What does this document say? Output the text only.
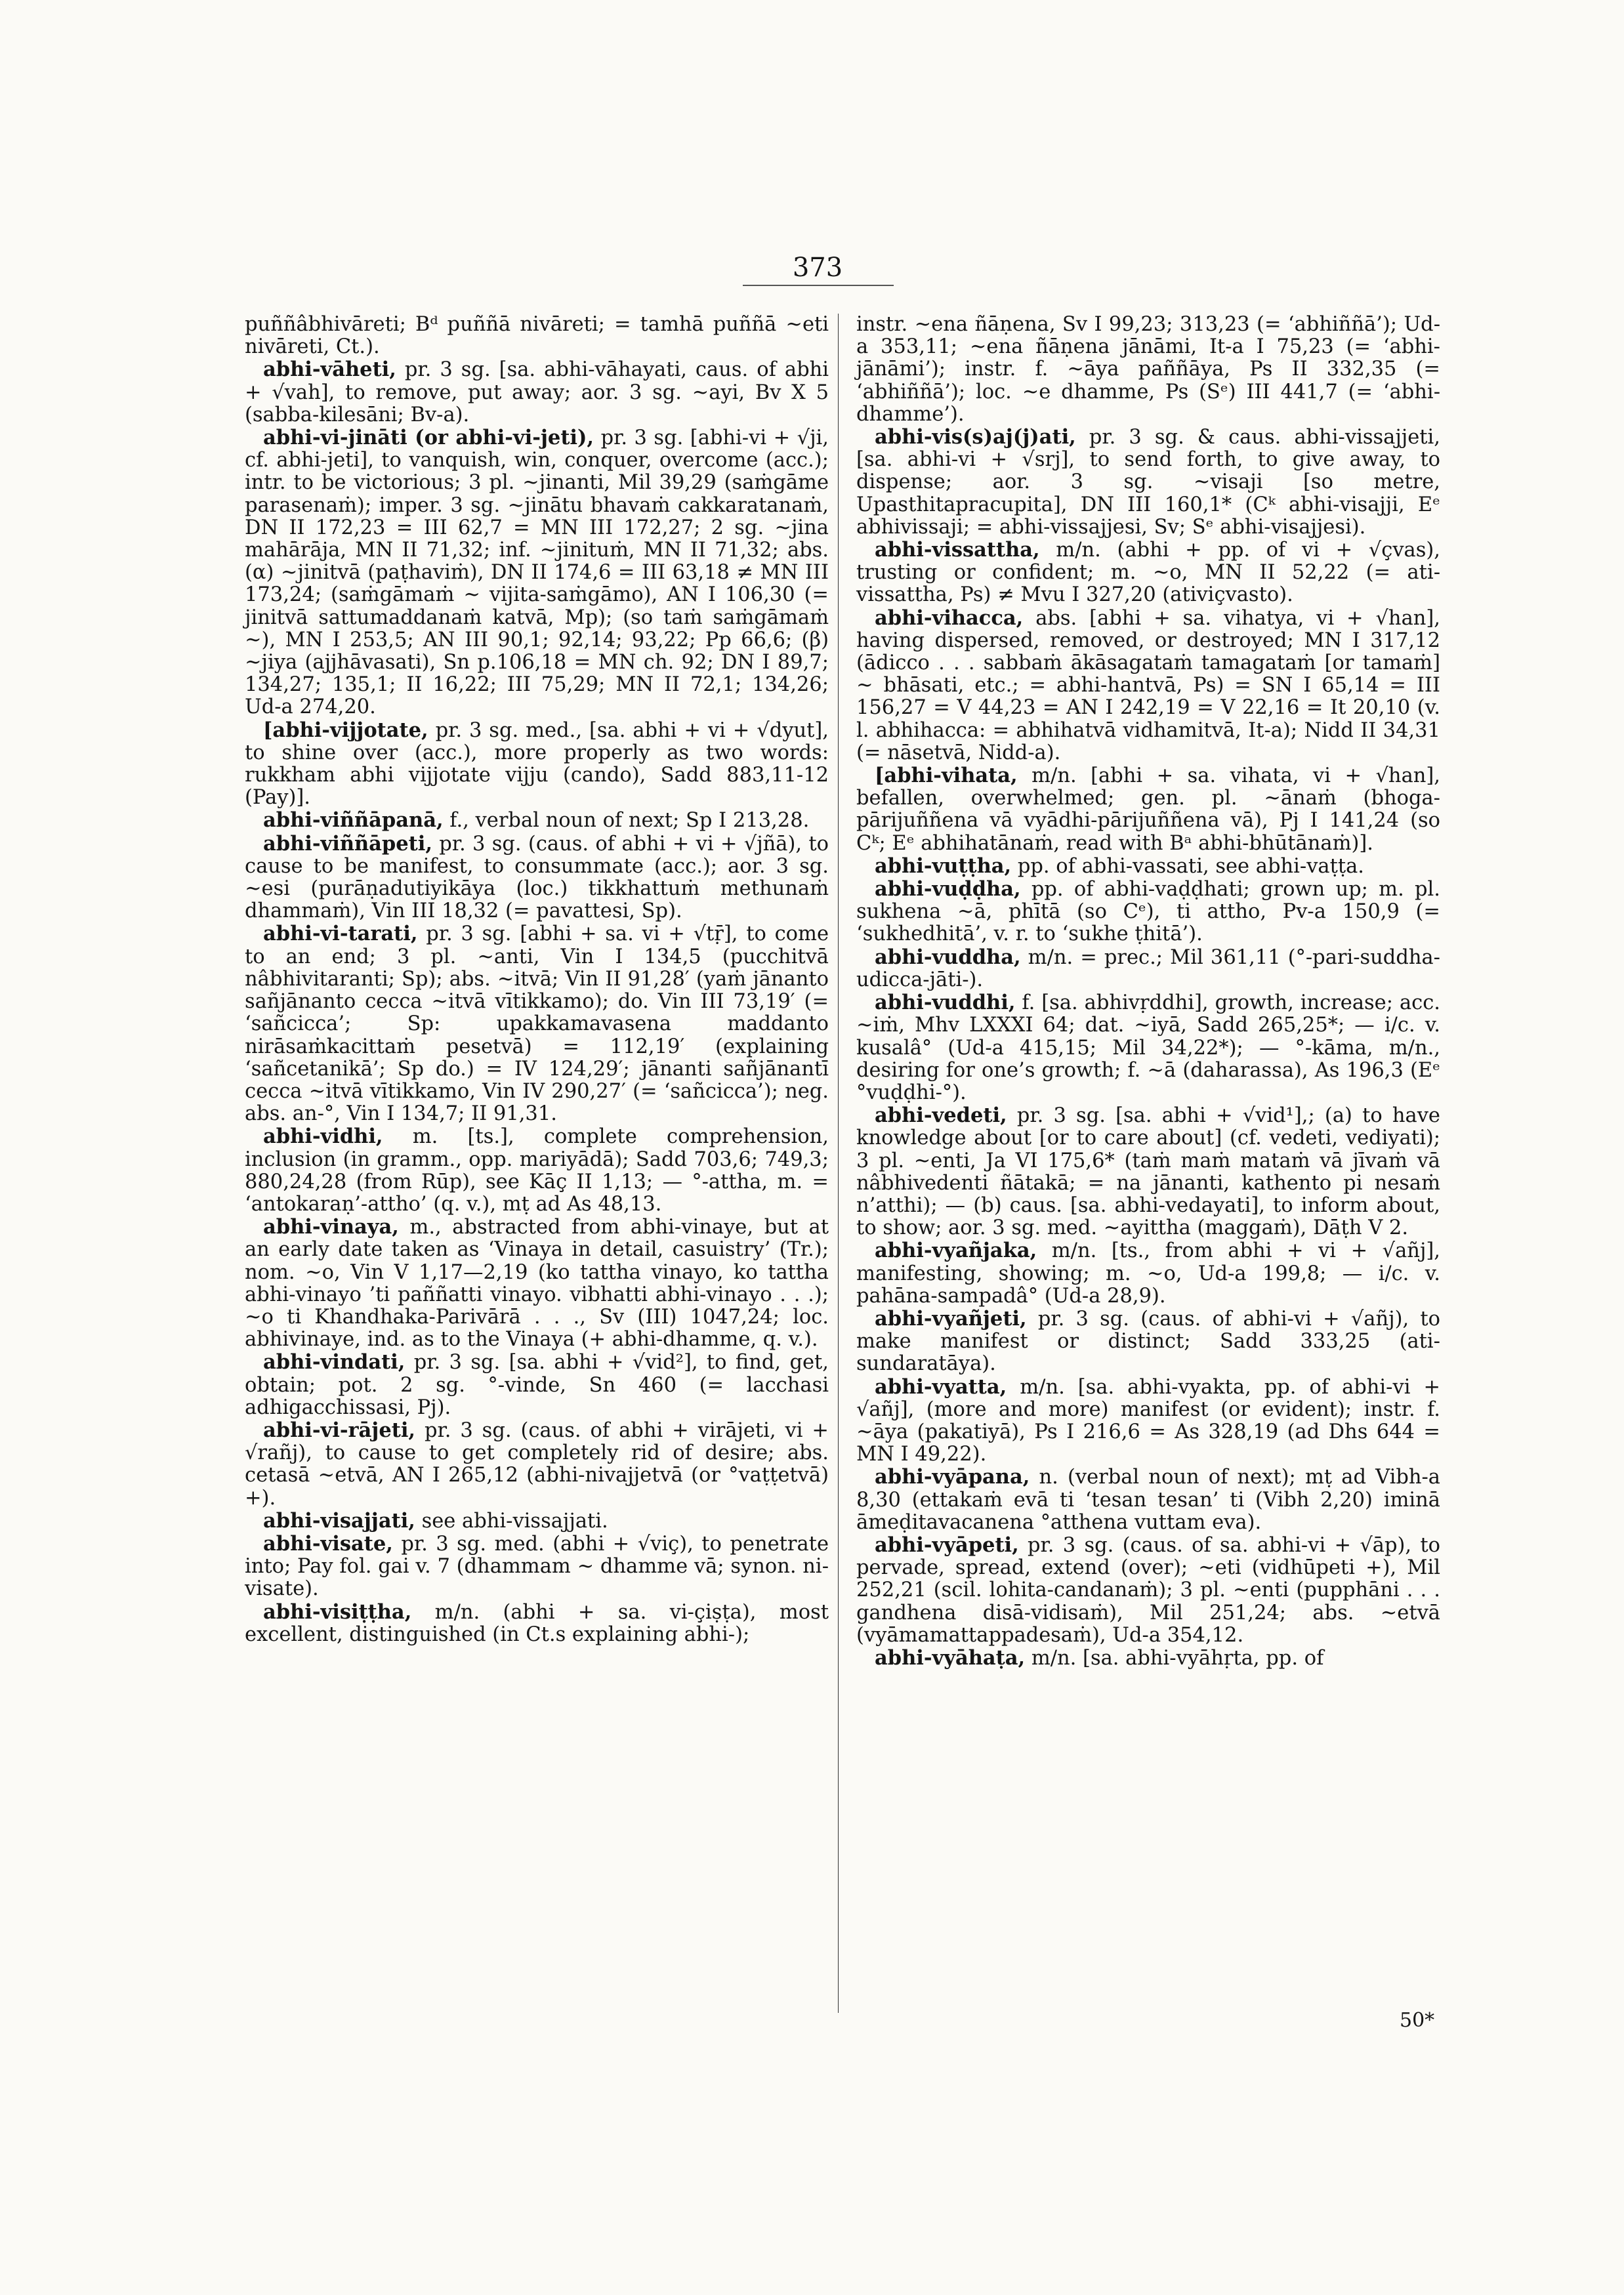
373

puññâbhivāreti; Bᵈ puññā nivāreti; = tamhā puññā ~eti nivāreti, Ct.).

abhi-vāheti, pr. 3 sg. [sa. abhi-vāhayati, caus. of abhi + √vah], to remove, put away; aor. 3 sg. ~ayi, Bv X 5 (sabba-kilesāni; Bv-a).

abhi-vi-jināti (or abhi-vi-jeti), pr. 3 sg. [abhi-vi + √ji, cf. abhi-jeti], to vanquish, win, conquer, overcome (acc.); intr. to be victorious; 3 pl. ~jinanti, Mil 39,29 (saṁgāme parasenaṁ); imper. 3 sg. ~jinātu bhavaṁ cakkaratanaṁ, DN II 172,23 = III 62,7 = MN III 172,27; 2 sg. ~jina mahārāja, MN II 71,32; inf. ~jinituṁ, MN II 71,32; abs. (α) ~jinitvā (paṭhaviṁ), DN II 174,6 = III 63,18 ≠ MN III 173,24; (saṁgāmaṁ ~ vijita-saṁgāmo), AN I 106,30 (= jinitvā sattumaddanaṁ katvā, Mp); (so taṁ saṁgāmaṁ ~), MN I 253,5; AN III 90,1; 92,14; 93,22; Pp 66,6; (β) ~jiya (ajjhāvasati), Sn p.106,18 = MN ch. 92; DN I 89,7; 134,27; 135,1; II 16,22; III 75,29; MN II 72,1; 134,26; Ud-a 274,20.

[abhi-vijjotate, pr. 3 sg. med., [sa. abhi + vi + √dyut], to shine over (acc.), more properly as two words: rukkham abhi vijjotate vijju (cando), Sadd 883,11-12 (Pay)].

abhi-viññāpanā, f., verbal noun of next; Sp I 213,28.

abhi-viññāpeti, pr. 3 sg. (caus. of abhi + vi + √jñā), to cause to be manifest, to consummate (acc.); aor. 3 sg. ~esi (purāṇadutiyikāya (loc.) tikkhattuṁ methunaṁ dhammaṁ), Vin III 18,32 (= pavattesi, Sp).

abhi-vi-tarati, pr. 3 sg. [abhi + sa. vi + √tṝ], to come to an end; 3 pl. ~anti, Vin I 134,5 (pucchitvā nâbhivitaranti; Sp); abs. ~itvā; Vin II 91,28′ (yaṁ jānanto sañjānanto cecca ~itvā vītikkamo); do. Vin III 73,19′ (= ‘sañcicca’; Sp: upakkamavasena maddanto nirāsaṁkacittaṁ pesetvā) = 112,19′ (explaining ‘sañcetanikā’; Sp do.) = IV 124,29′; jānanti sañjānantī cecca ~itvā vītikkamo, Vin IV 290,27′ (= ‘sañcicca’); neg. abs. an-°, Vin I 134,7; II 91,31.

abhi-vidhi, m. [ts.], complete comprehension, inclusion (in gramm., opp. mariyādā); Sadd 703,6; 749,3; 880,24,28 (from Rūp), see Kāç II 1,13; — °-attha, m. = ‘antokaraṇ’-attho’ (q. v.), mṭ ad As 48,13.

abhi-vinaya, m., abstracted from abhi-vinaye, but at an early date taken as ‘Vinaya in detail, casuistry’ (Tr.); nom. ~o, Vin V 1,17—2,19 (ko tattha vinayo, ko tattha abhi-vinayo ’ti paññatti vinayo. vibhatti abhi-vinayo . . .); ~o ti Khandhaka-Parivārā . . ., Sv (III) 1047,24; loc. abhivinaye, ind. as to the Vinaya (+ abhi-dhamme, q. v.).

abhi-vindati, pr. 3 sg. [sa. abhi + √vid²], to find, get, obtain; pot. 2 sg. °-vinde, Sn 460 (= lacchasi adhigacchissasi, Pj).

abhi-vi-rājeti, pr. 3 sg. (caus. of abhi + virājeti, vi + √rañj), to cause to get completely rid of desire; abs. cetasā ~etvā, AN I 265,12 (abhi-nivajjetvā (or °vaṭṭetvā) +).

abhi-visajjati, see abhi-vissajjati.

abhi-visate, pr. 3 sg. med. (abhi + √viç), to penetrate into; Pay fol. gai v. 7 (dhammam ~ dhamme vā; synon. ni-visate).

abhi-visiṭṭha, m/n. (abhi + sa. vi-çiṣṭa), most excellent, distinguished (in Ct.s explaining abhi-);

instr. ~ena ñāṇena, Sv I 99,23; 313,23 (= ‘abhiññā’); Ud-a 353,11; ~ena ñāṇena jānāmi, It-a I 75,23 (= ‘abhi-jānāmi’); instr. f. ~āya paññāya, Ps II 332,35 (= ‘abhiññā’); loc. ~e dhamme, Ps (Sᵉ) III 441,7 (= ‘abhi-dhamme’).

abhi-vis(s)aj(j)ati, pr. 3 sg. & caus. abhi-vissajjeti, [sa. abhi-vi + √srj], to send forth, to give away, to dispense; aor. 3 sg. ~visaji [so metre, Upasthitapracupita], DN III 160,1* (Cᵏ abhi-visajji, Eᵉ abhivissaji; = abhi-vissajjesi, Sv; Sᵉ abhi-visajjesi).

abhi-vissattha, m/n. (abhi + pp. of vi + √çvas), trusting or confident; m. ~o, MN II 52,22 (= ati-vissattha, Ps) ≠ Mvu I 327,20 (ativiçvasto).

abhi-vihacca, abs. [abhi + sa. vihatya, vi + √han], having dispersed, removed, or destroyed; MN I 317,12 (ādicco . . . sabbaṁ ākāsagataṁ tamagataṁ [or tamaṁ] ~ bhāsati, etc.; = abhi-hantvā, Ps) = SN I 65,14 = III 156,27 = V 44,23 = AN I 242,19 = V 22,16 = It 20,10 (v. l. abhihacca: = abhihatvā vidhamitvā, It-a); Nidd II 34,31 (= nāsetvā, Nidd-a).

[abhi-vihata, m/n. [abhi + sa. vihata, vi + √han], befallen, overwhelmed; gen. pl. ~ānaṁ (bhoga-pārijuññena vā vyādhi-pārijuññena vā), Pj I 141,24 (so Cᵏ; Eᵉ abhihatānaṁ, read with Bᵃ abhi-bhūtānaṁ)].

abhi-vuṭṭha, pp. of abhi-vassati, see abhi-vaṭṭa.

abhi-vuḍḍha, pp. of abhi-vaḍḍhati; grown up; m. pl. sukhena ~ā, phītā (so Cᵉ), ti attho, Pv-a 150,9 (= ‘sukhedhitā’, v. r. to ‘sukhe ṭhitā’).

abhi-vuddha, m/n. = prec.; Mil 361,11 (°-pari-suddha-udicca-jāti-).

abhi-vuddhi, f. [sa. abhivṛddhi], growth, increase; acc. ~iṁ, Mhv LXXXI 64; dat. ~iyā, Sadd 265,25*; — i/c. v. kusalâ° (Ud-a 415,15; Mil 34,22*); — °-kāma, m/n., desiring for one’s growth; f. ~ā (daharassa), As 196,3 (Eᵉ °vuḍḍhi-°).

abhi-vedeti, pr. 3 sg. [sa. abhi + √vid¹],; (a) to have knowledge about [or to care about] (cf. vedeti, vediyati); 3 pl. ~enti, Ja VI 175,6* (taṁ maṁ mataṁ vā jīvaṁ vā nâbhivedenti ñātakā; = na jānanti, kathento pi nesaṁ n’atthi); — (b) caus. [sa. abhi-vedayati], to inform about, to show; aor. 3 sg. med. ~ayittha (maggaṁ), Dāṭh V 2.

abhi-vyañjaka, m/n. [ts., from abhi + vi + √añj], manifesting, showing; m. ~o, Ud-a 199,8; — i/c. v. pahāna-sampadâ° (Ud-a 28,9).

abhi-vyañjeti, pr. 3 sg. (caus. of abhi-vi + √añj), to make manifest or distinct; Sadd 333,25 (ati-sundaratāya).

abhi-vyatta, m/n. [sa. abhi-vyakta, pp. of abhi-vi + √añj], (more and more) manifest (or evident); instr. f. ~āya (pakatiyā), Ps I 216,6 = As 328,19 (ad Dhs 644 = MN I 49,22).

abhi-vyāpana, n. (verbal noun of next); mṭ ad Vibh-a 8,30 (ettakaṁ evā ti ‘tesan tesan’ ti (Vibh 2,20) iminā āmeḍitavacanena °atthena vuttam eva).

abhi-vyāpeti, pr. 3 sg. (caus. of sa. abhi-vi + √āp), to pervade, spread, extend (over); ~eti (vidhūpeti +), Mil 252,21 (scil. lohita-candanaṁ); 3 pl. ~enti (pupphāni . . . gandhena disā-vidisaṁ), Mil 251,24; abs. ~etvā (vyāmamattappadesaṁ), Ud-a 354,12.

abhi-vyāhaṭa, m/n. [sa. abhi-vyāhṛta, pp. of

50*
